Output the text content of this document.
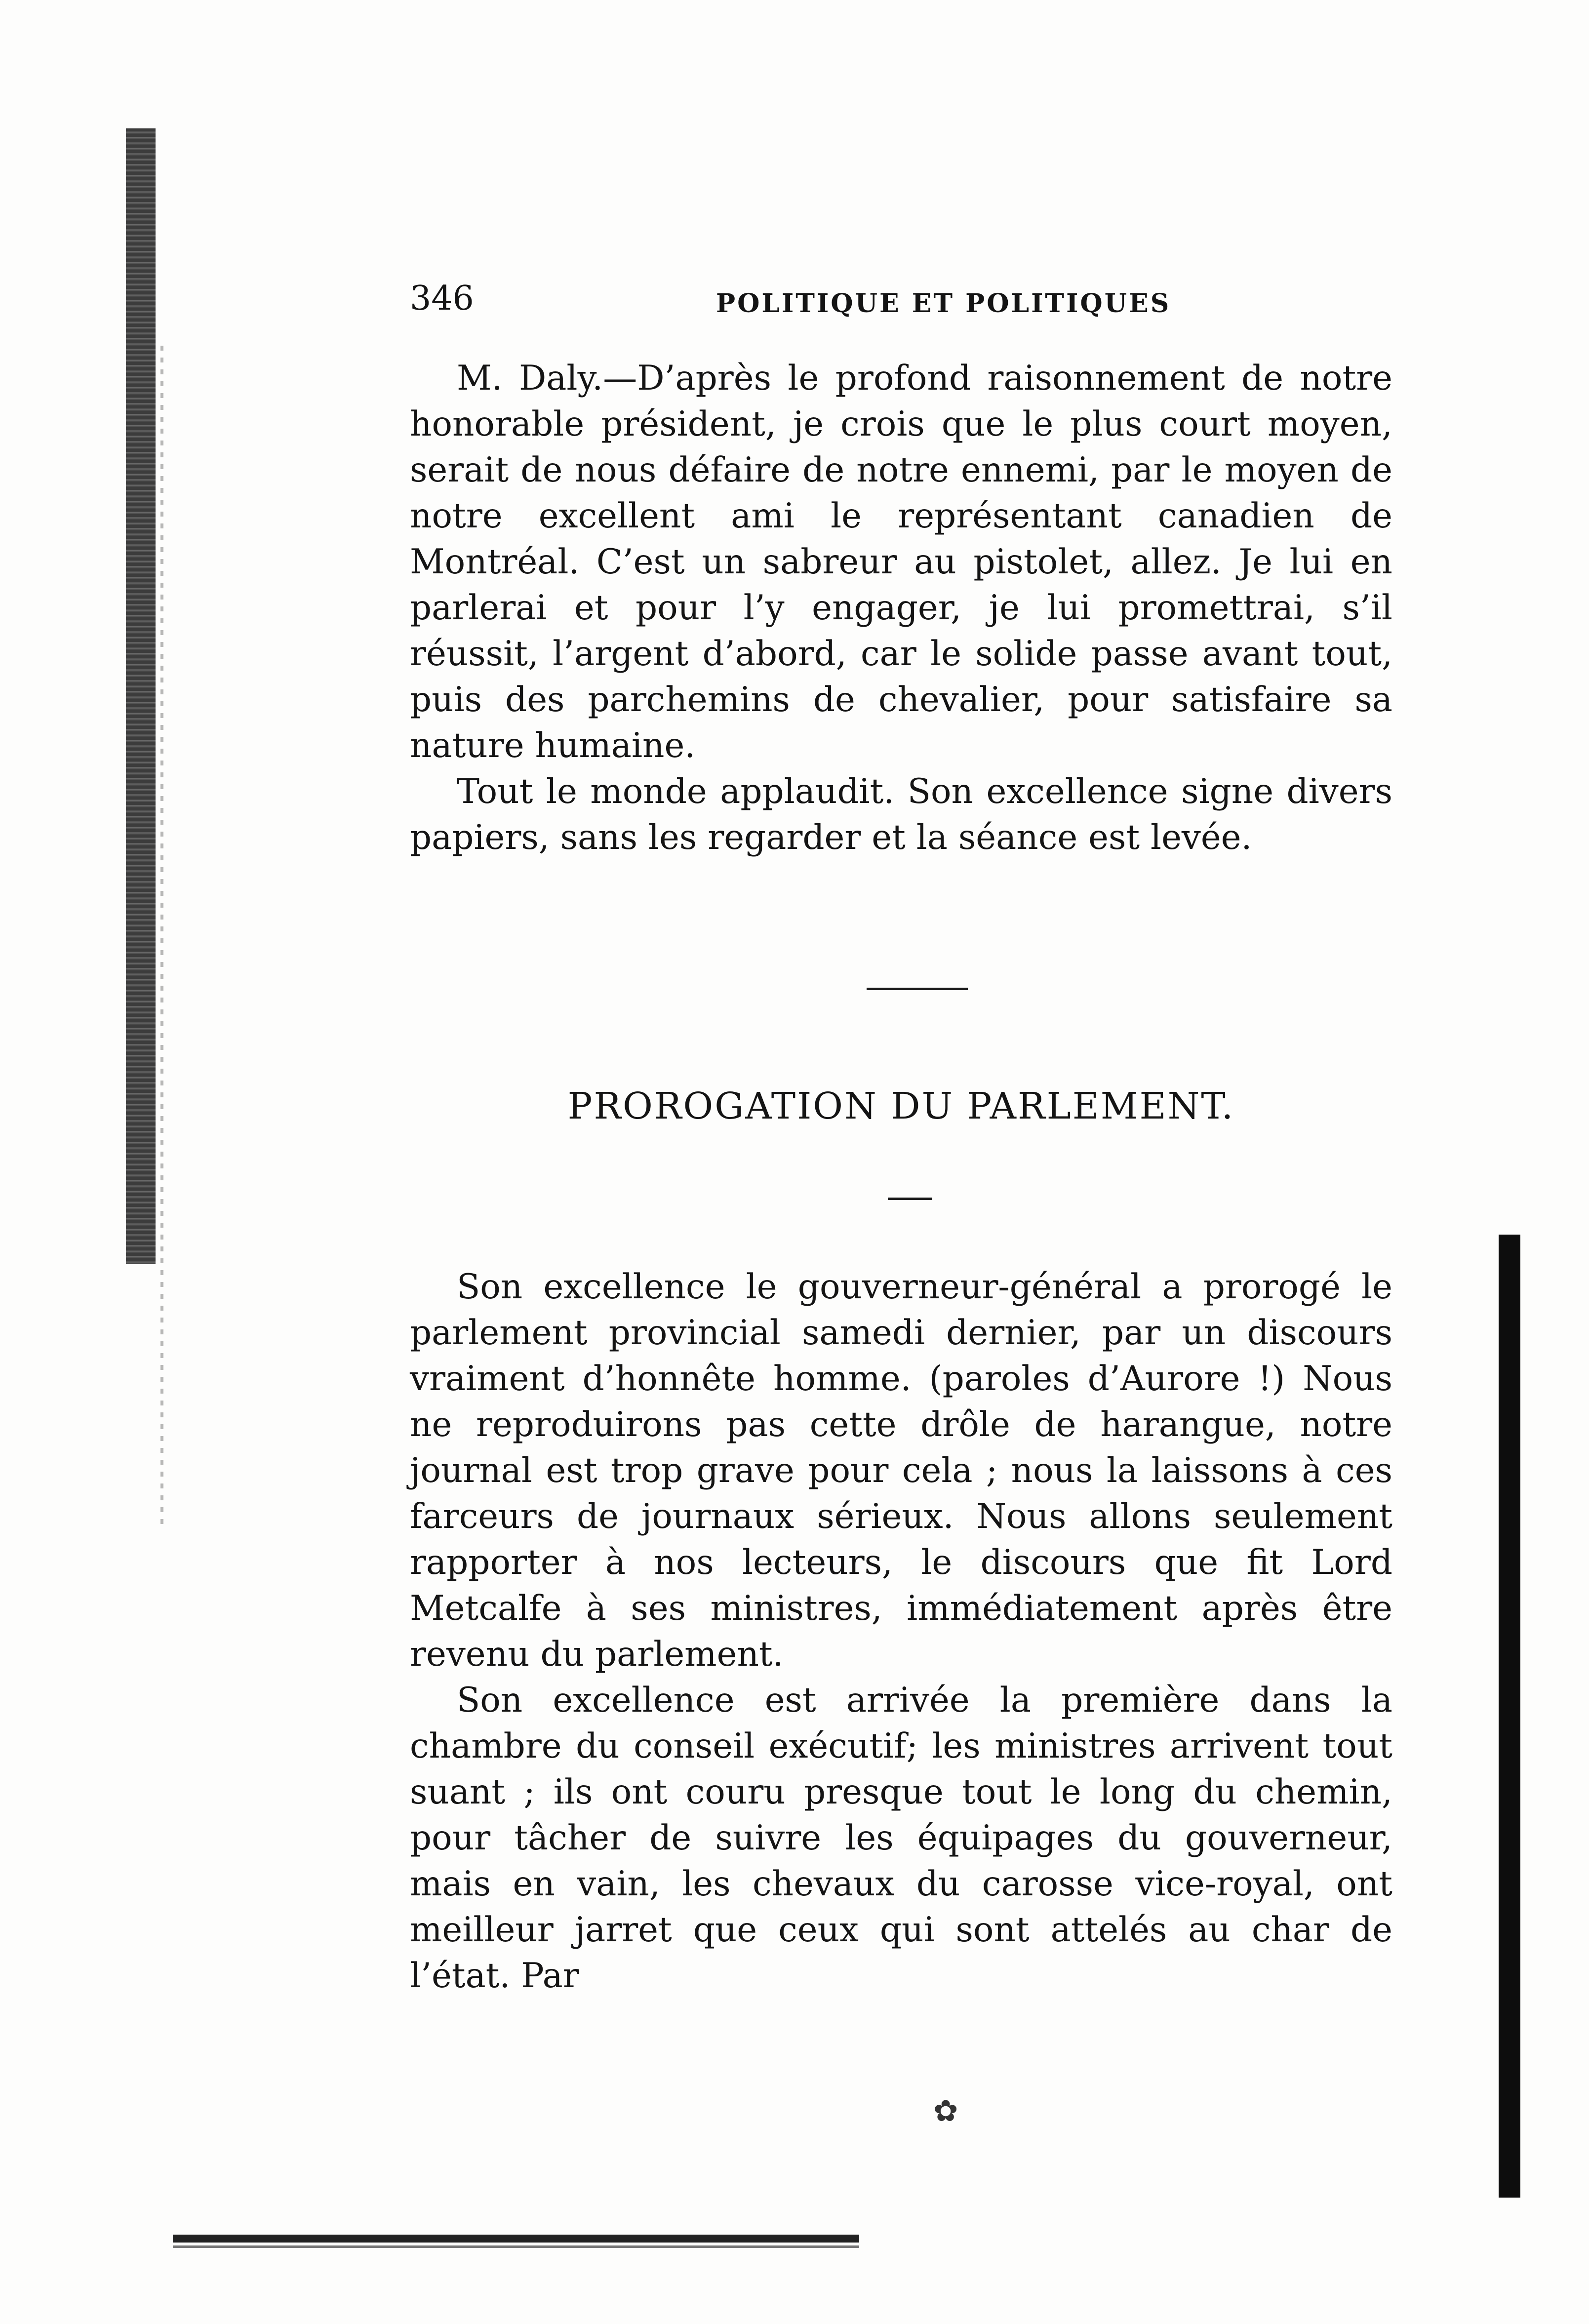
346	POLITIQUE ET POLITIQUES

M. Daly.—D’après le profond raisonnement de notre honorable président, je crois que le plus court moyen, serait de nous défaire de notre ennemi, par le moyen de notre excellent ami le représentant canadien de Montréal. C’est un sabreur au pistolet, allez. Je lui en parlerai et pour l’y engager, je lui promettrai, s’il réussit, l’argent d’abord, car le solide passe avant tout, puis des parchemins de chevalier, pour satisfaire sa nature humaine.

Tout le monde applaudit. Son excellence signe divers papiers, sans les regarder et la séance est levée.

PROROGATION DU PARLEMENT.

Son excellence le gouverneur-général a prorogé le parlement provincial samedi dernier, par un discours vraiment d’honnête homme. (paroles d’Aurore !) Nous ne reproduirons pas cette drôle de harangue, notre journal est trop grave pour cela ; nous la laissons à ces farceurs de journaux sérieux. Nous allons seulement rapporter à nos lecteurs, le discours que fit Lord Metcalfe à ses ministres, immédiatement après être revenu du parlement.

Son excellence est arrivée la première dans la chambre du conseil exécutif; les ministres arrivent tout suant ; ils ont couru presque tout le long du chemin, pour tâcher de suivre les équipages du gouverneur, mais en vain, les chevaux du carosse vice-royal, ont meilleur jarret que ceux qui sont attelés au char de l’état. Par

✿
